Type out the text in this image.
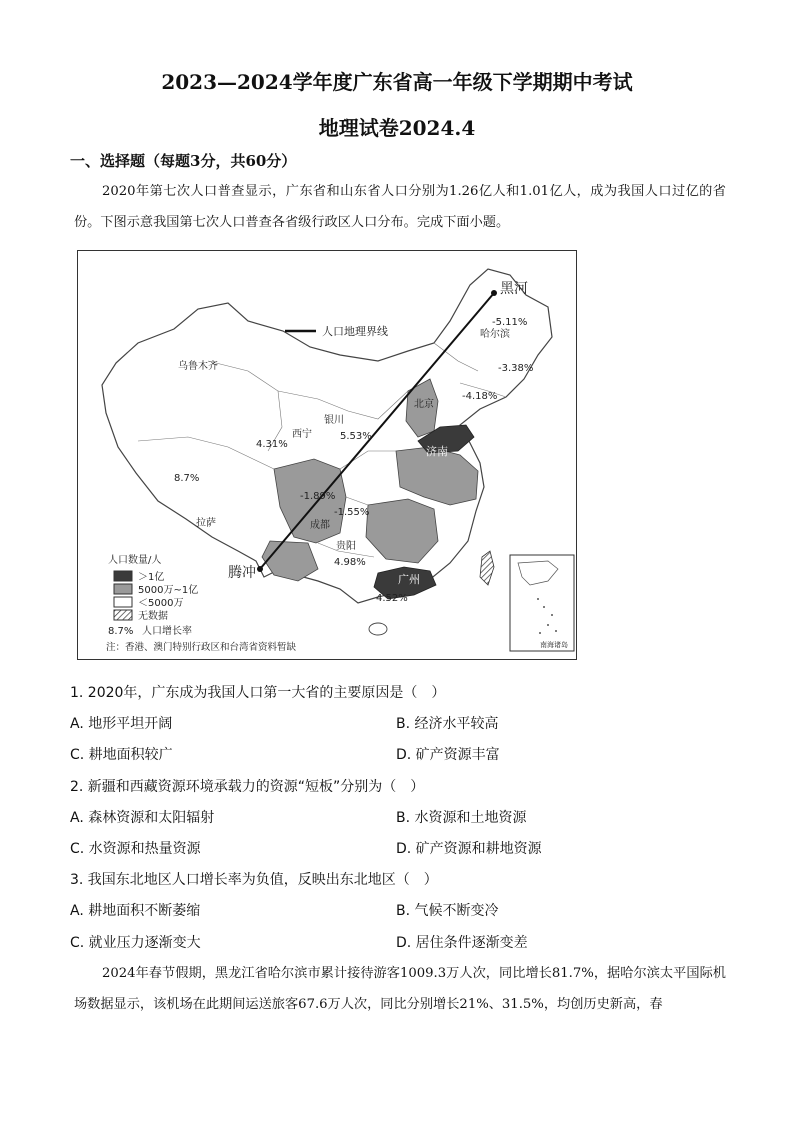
2023—2024学年度广东省高一年级下学期期中考试
地理试卷2024.4
一、选择题（每题3分，共60分）
2020年第七次人口普查显示，广东省和山东省人口分别为1.26亿人和1.01亿人，成为我国人口过亿的省份。下图示意我国第七次人口普查各省级行政区人口分布。完成下面小题。
人口地理界线
黑河
腾冲
乌鲁木齐
拉萨
西宁
银川
北京
济南
成都
贵阳
广州
哈尔滨
-5.11%
-3.38%
-4.18%
4.31%
5.53%
8.7%
-1.89%
-1.55%
4.98%
4.52%
人口数量/人
＞1亿
5000万~1亿
＜5000万
无数据
8.7% 人口增长率
注：香港、澳门特别行政区和台湾省资料暂缺	南海诸岛
1. 2020年，广东成为我国人口第一大省的主要原因是（　）
A. 地形平坦开阔	B. 经济水平较高
C. 耕地面积较广	D. 矿产资源丰富
2. 新疆和西藏资源环境承载力的资源“短板”分别为（　）
A. 森林资源和太阳辐射	B. 水资源和土地资源
C. 水资源和热量资源	D. 矿产资源和耕地资源
3. 我国东北地区人口增长率为负值，反映出东北地区（　）
A. 耕地面积不断萎缩	B. 气候不断变冷
C. 就业压力逐渐变大	D. 居住条件逐渐变差
2024年春节假期，黑龙江省哈尔滨市累计接待游客1009.3万人次，同比增长81.7%，据哈尔滨太平国际机场数据显示，该机场在此期间运送旅客67.6万人次，同比分别增长21%、31.5%，均创历史新高，春
